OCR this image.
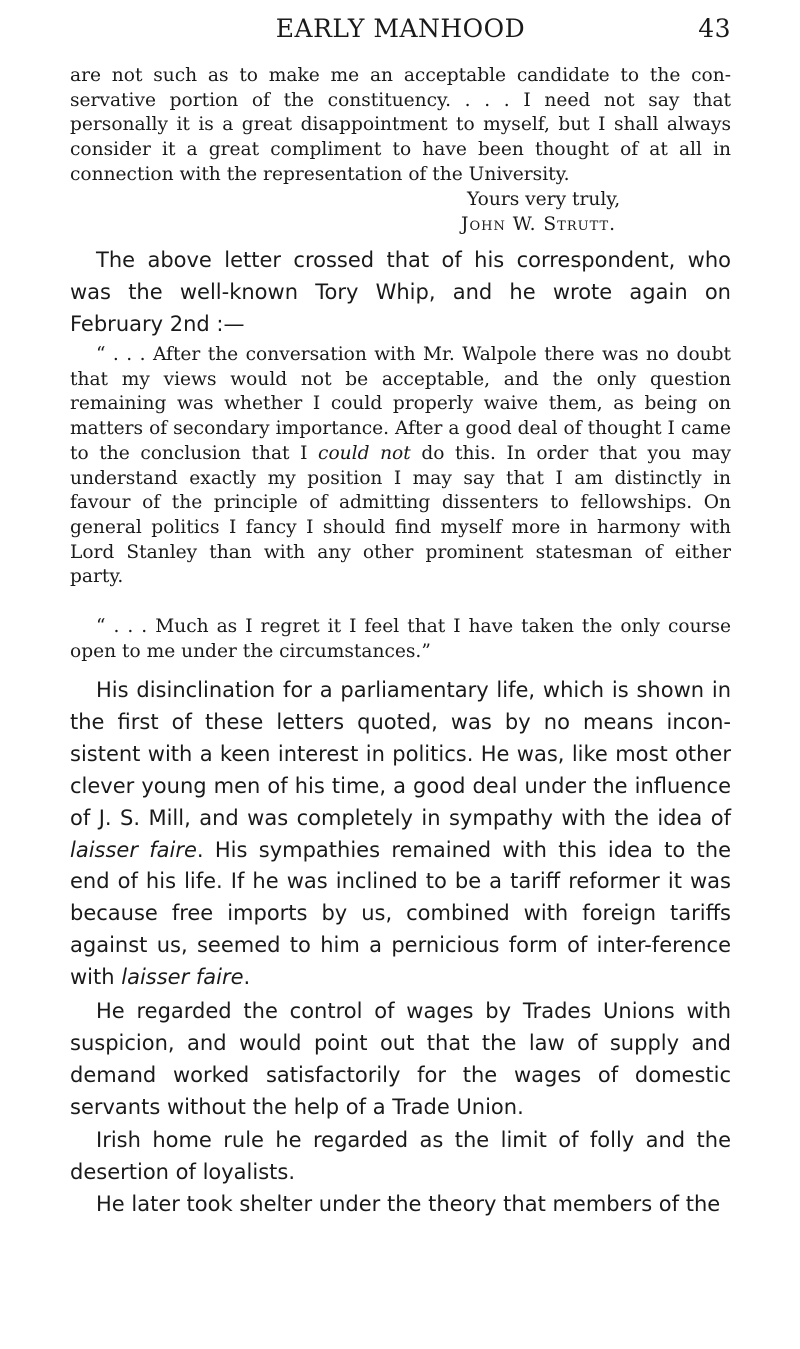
EARLY MANHOOD	43

are not such as to make me an acceptable candidate to the con-servative portion of the constituency. . . . I need not say that personally it is a great disappointment to myself, but I shall always consider it a great compliment to have been thought of at all in connection with the representation of the University.

Yours very truly,
John W. Strutt.

The above letter crossed that of his correspondent, who was the well-known Tory Whip, and he wrote again on February 2nd :—

“ . . . After the conversation with Mr. Walpole there was no doubt that my views would not be acceptable, and the only question remaining was whether I could properly waive them, as being on matters of secondary importance. After a good deal of thought I came to the conclusion that I could not do this. In order that you may understand exactly my position I may say that I am distinctly in favour of the principle of admitting dissenters to fellowships. On general politics I fancy I should find myself more in harmony with Lord Stanley than with any other prominent statesman of either party.

“ . . . Much as I regret it I feel that I have taken the only course open to me under the circumstances.”

His disinclination for a parliamentary life, which is shown in the first of these letters quoted, was by no means incon-sistent with a keen interest in politics. He was, like most other clever young men of his time, a good deal under the influence of J. S. Mill, and was completely in sympathy with the idea of laisser faire. His sympathies remained with this idea to the end of his life. If he was inclined to be a tariff reformer it was because free imports by us, combined with foreign tariffs against us, seemed to him a pernicious form of inter-ference with laisser faire.

He regarded the control of wages by Trades Unions with suspicion, and would point out that the law of supply and demand worked satisfactorily for the wages of domestic servants without the help of a Trade Union.

Irish home rule he regarded as the limit of folly and the desertion of loyalists.

He later took shelter under the theory that members of the
